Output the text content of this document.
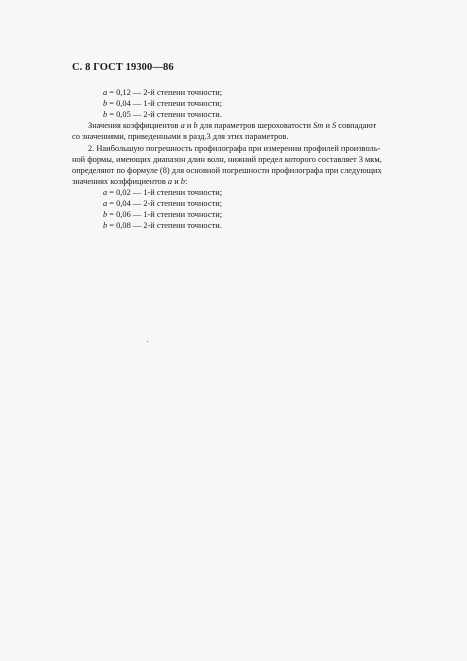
С. 8 ГОСТ 19300—86
a = 0,12 — 2-й степени точности;
b = 0,04 — 1-й степени точности;
b = 0,05 — 2-й степени точности.
Значения коэффициентов a и b для параметров шероховатости Sm и S совпадают
со значениями, приведенными в разд.3 для этих параметров.
2. Наибольшую погрешность профилографа при измерении профилей произволь-
ной формы, имеющих диапазон длин волн, нижний предел которого составляет 3 мкм,
определяют по формуле (8) для основной погрешности профилографа при следующих
значениях коэффициентов a и b:
a = 0,02 — 1-й степени точности;
a = 0,04 — 2-й степени точности;
b = 0,06 — 1-й степени точности;
b = 0,08 — 2-й степени точности.
